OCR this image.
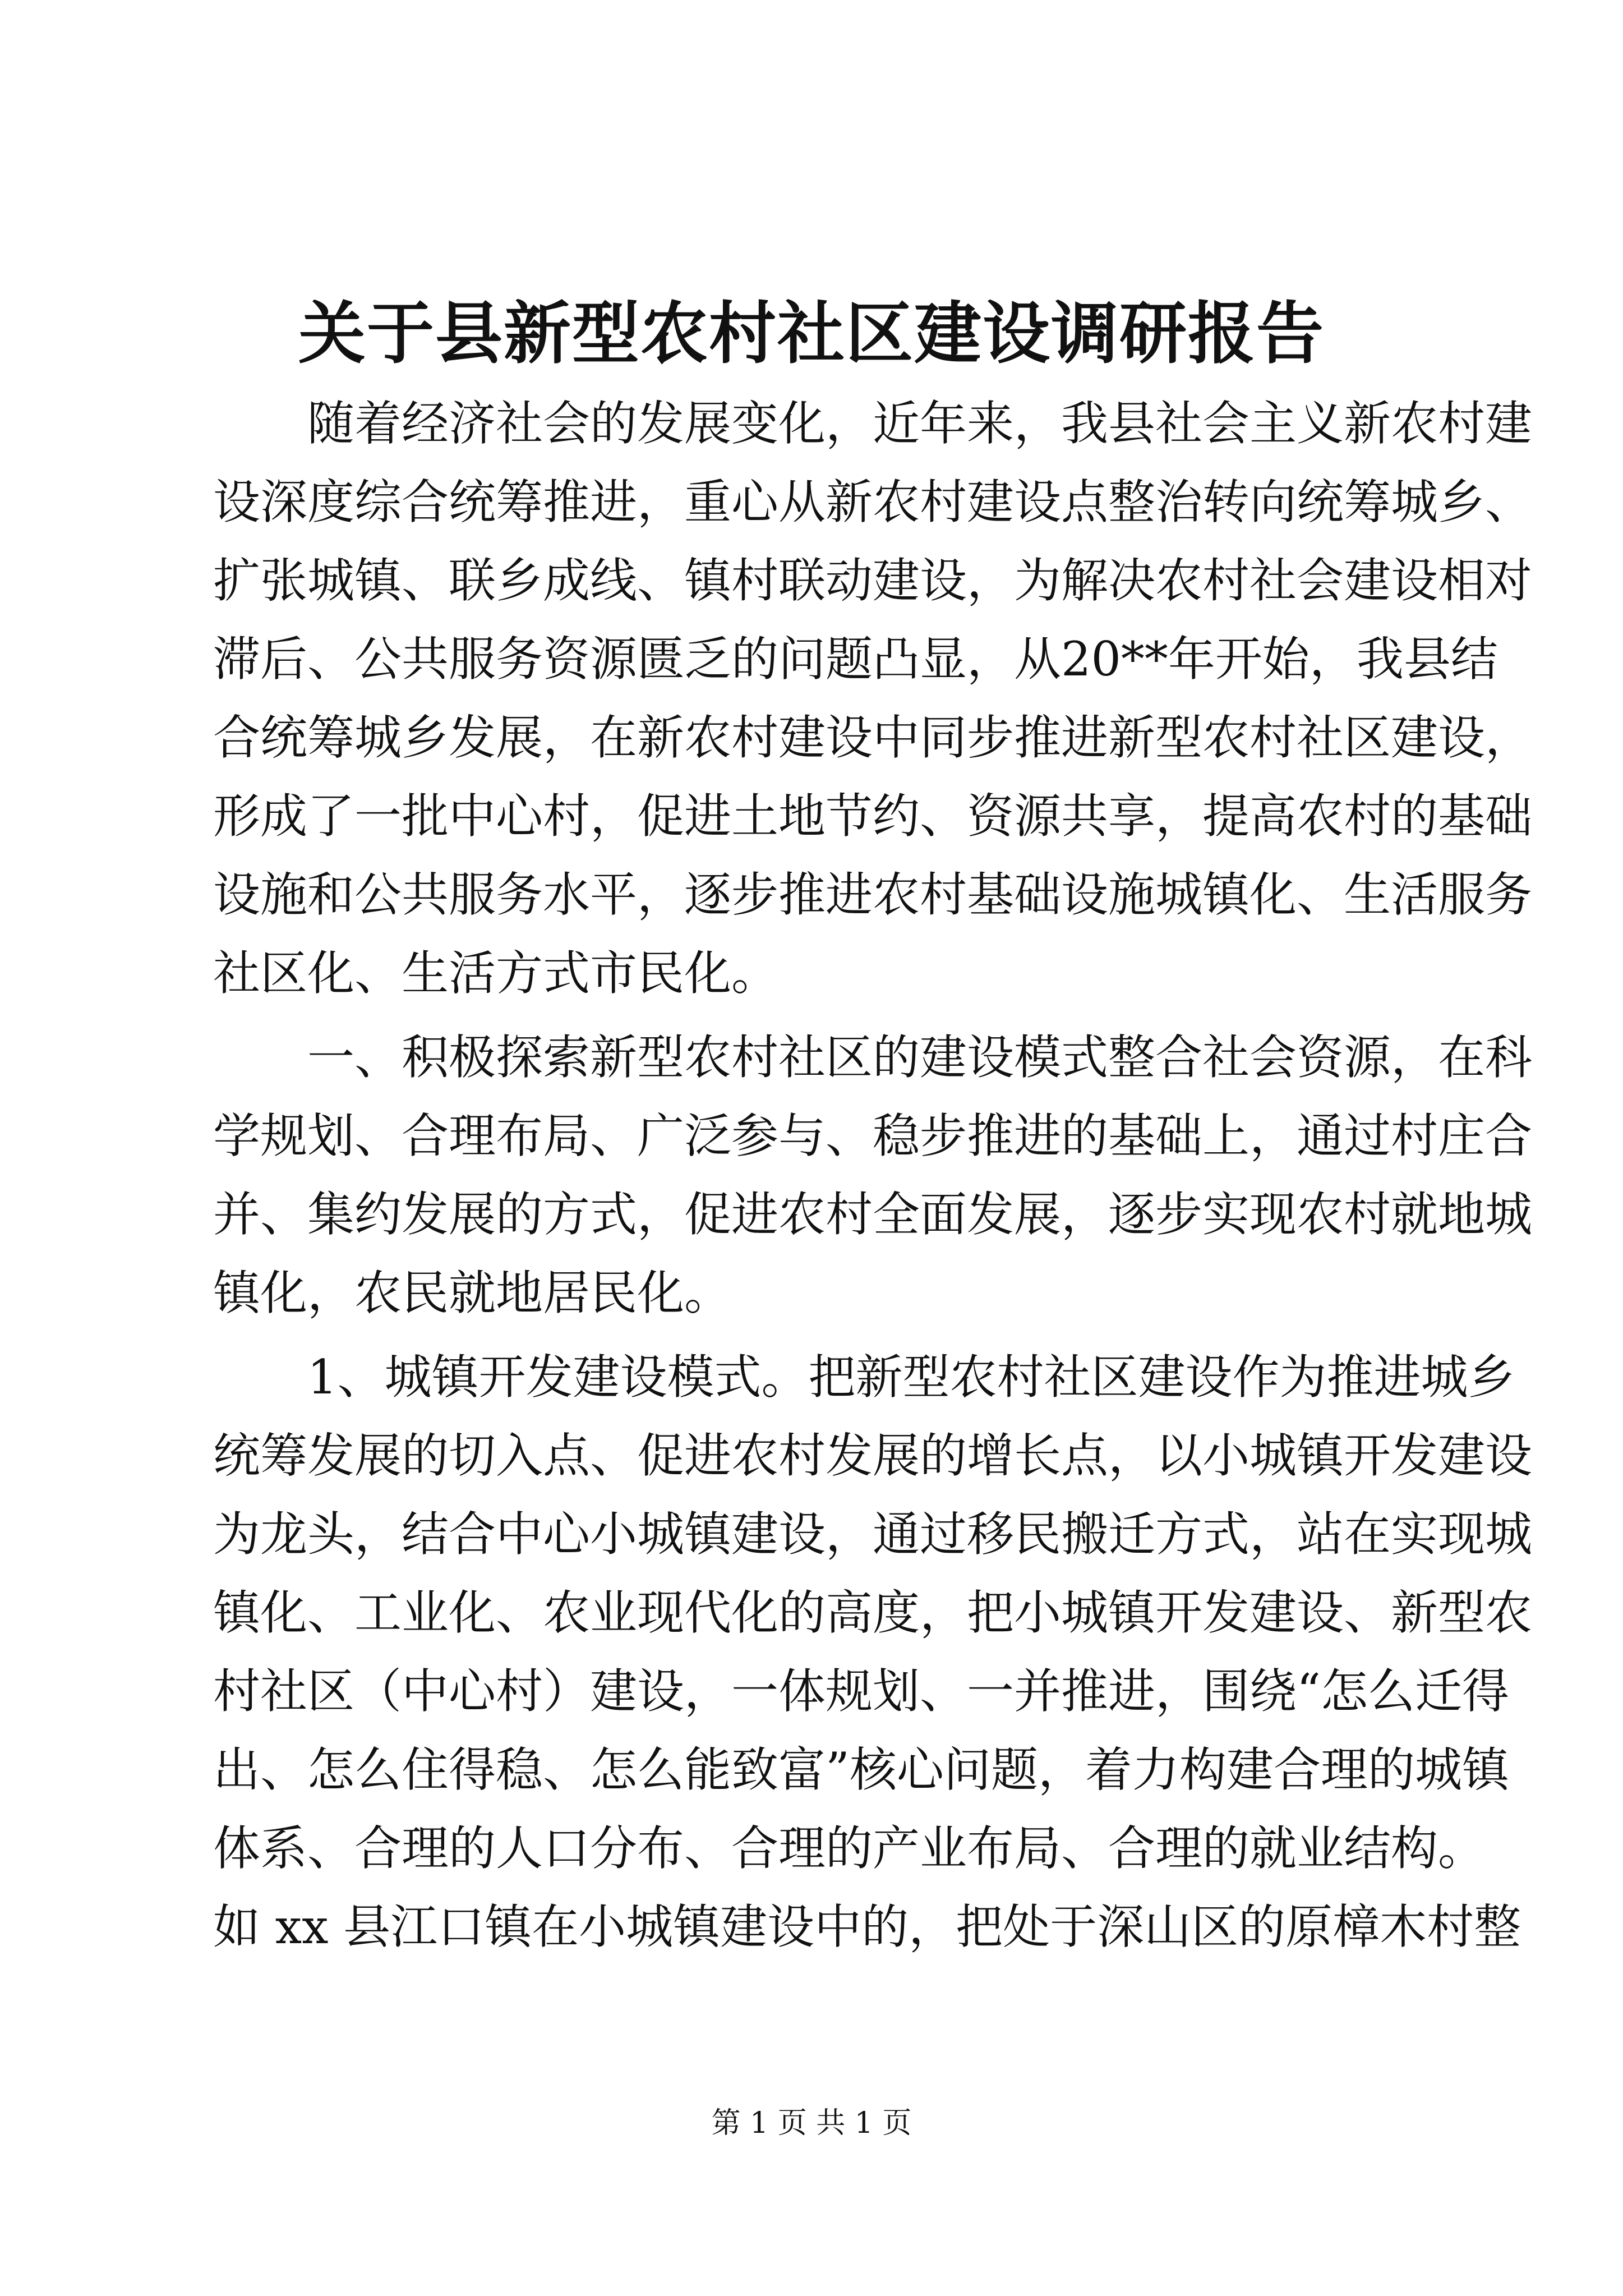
关于县新型农村社区建设调研报告
　　随着经济社会的发展变化，近年来，我县社会主义新农村建
设深度综合统筹推进，重心从新农村建设点整治转向统筹城乡、
扩张城镇、联乡成线、镇村联动建设，为解决农村社会建设相对
滞后、公共服务资源匮乏的问题凸显，从20**年开始，我县结
合统筹城乡发展，在新农村建设中同步推进新型农村社区建设，
形成了一批中心村，促进土地节约、资源共享，提高农村的基础
设施和公共服务水平，逐步推进农村基础设施城镇化、生活服务
社区化、生活方式市民化。
　　一、积极探索新型农村社区的建设模式整合社会资源，在科
学规划、合理布局、广泛参与、稳步推进的基础上，通过村庄合
并、集约发展的方式，促进农村全面发展，逐步实现农村就地城
镇化，农民就地居民化。
　　1、城镇开发建设模式。把新型农村社区建设作为推进城乡
统筹发展的切入点、促进农村发展的增长点，以小城镇开发建设
为龙头，结合中心小城镇建设，通过移民搬迁方式，站在实现城
镇化、工业化、农业现代化的高度，把小城镇开发建设、新型农
村社区（中心村）建设，一体规划、一并推进，围绕“怎么迁得
出、怎么住得稳、怎么能致富”核心问题，着力构建合理的城镇
体系、合理的人口分布、合理的产业布局、合理的就业结构。
如 xx 县江口镇在小城镇建设中的，把处于深山区的原樟木村整
第 1 页 共 1 页
